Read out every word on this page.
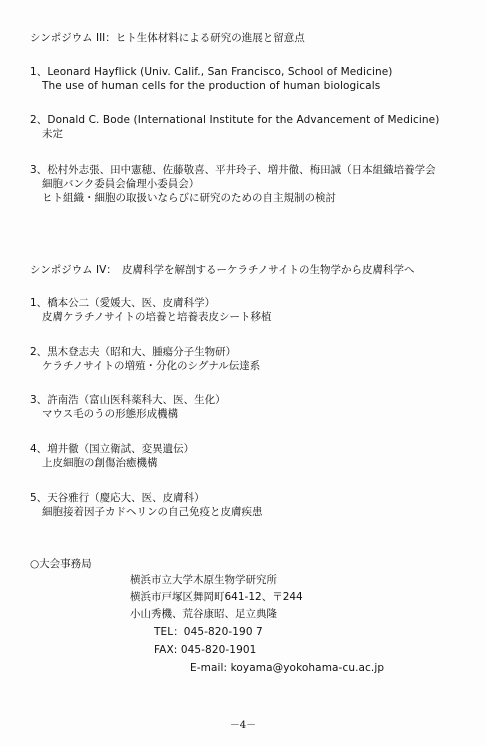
シンポジウム III：ヒト生体材料による研究の進展と留意点
1、Leonard Hayflick (Univ. Calif., San Francisco, School of Medicine)
The use of human cells for the production of human biologicals
2、Donald C. Bode (International Institute for the Advancement of Medicine)
未定
3、松村外志張、田中憲穂、佐藤敬喜、平井玲子、増井徹、梅田誠（日本組織培養学会
細胞バンク委員会倫理小委員会）
ヒト組織・細胞の取扱いならびに研究のための自主規制の検討
シンポジウム IV：　皮膚科学を解剖するーケラチノサイトの生物学から皮膚科学へ
1、橋本公二（愛媛大、医、皮膚科学）
皮膚ケラチノサイトの培養と培養表皮シート移植
2、黒木登志夫（昭和大、腫瘍分子生物研）
ケラチノサイトの増殖・分化のシグナル伝達系
3、許南浩（富山医科薬科大、医、生化）
マウス毛のうの形態形成機構
4、増井徹（国立衛試、変異遺伝）
上皮細胞の創傷治癒機構
5、天谷雅行（慶応大、医、皮膚科）
細胞接着因子カドヘリンの自己免疫と皮膚疾患
○大会事務局
横浜市立大学木原生物学研究所
横浜市戸塚区舞岡町641-12、〒244
小山秀機、荒谷康昭、足立典隆
TEL：045-820-190 7
FAX: 045-820-1901
E-mail: koyama@yokohama-cu.ac.jp
－4－
